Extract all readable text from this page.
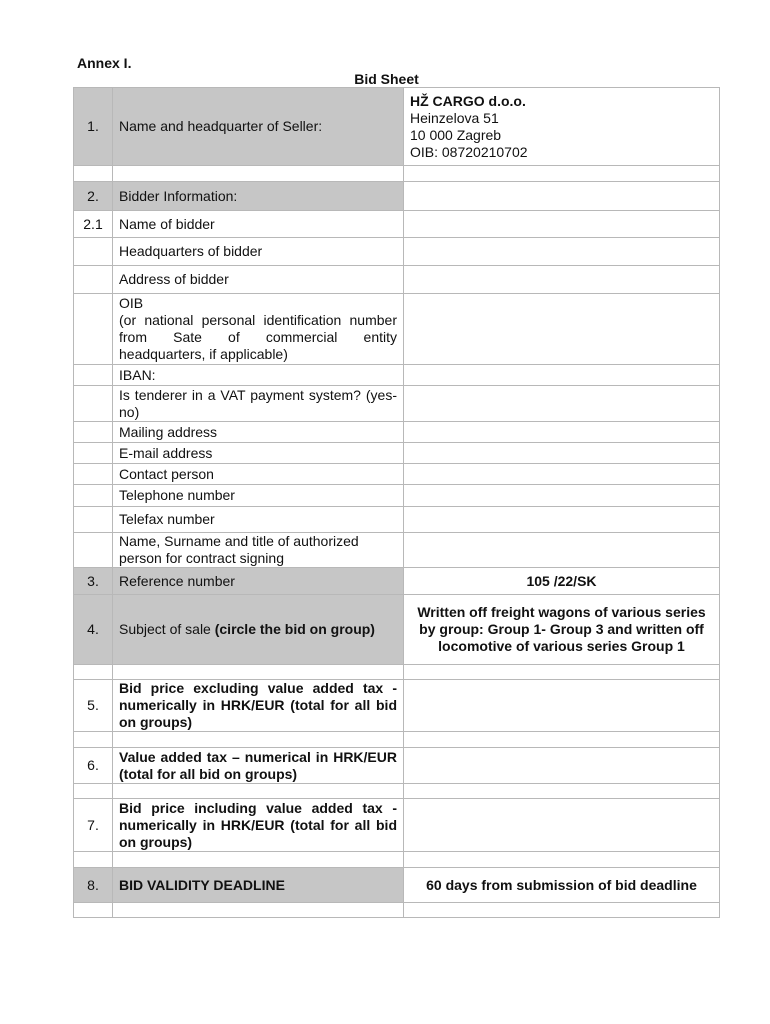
Annex I.
Bid Sheet
1.	Name and headquarter of Seller:	HŽ CARGO d.o.o.
Heinzelova 51
10 000 Zagreb
OIB: 08720210702

2.	Bidder Information:	
2.1	Name of bidder	
	Headquarters of bidder	
	Address of bidder	
	OIB
(or national personal identification number from Sate of commercial entity headquarters, if applicable)	
	IBAN:	
	Is tenderer in a VAT payment system? (yes-no)	
	Mailing address	
	E-mail address	
	Contact person	
	Telephone number	
	Telefax number	
	Name, Surname and title of authorized person for contract signing	
3.	Reference number	105 /22/SK
4.	Subject of sale (circle the bid on group)	Written off freight wagons of various series by group: Group 1- Group 3 and written off locomotive of various series Group 1

5.	Bid price excluding value added tax -numerically in HRK/EUR (total for all bid on groups)	

6.	Value added tax – numerical in HRK/EUR (total for all bid on groups)	

7.	Bid price including value added tax - numerically in HRK/EUR (total for all bid on groups)	

8.	BID VALIDITY DEADLINE	60 days from submission of bid deadline
